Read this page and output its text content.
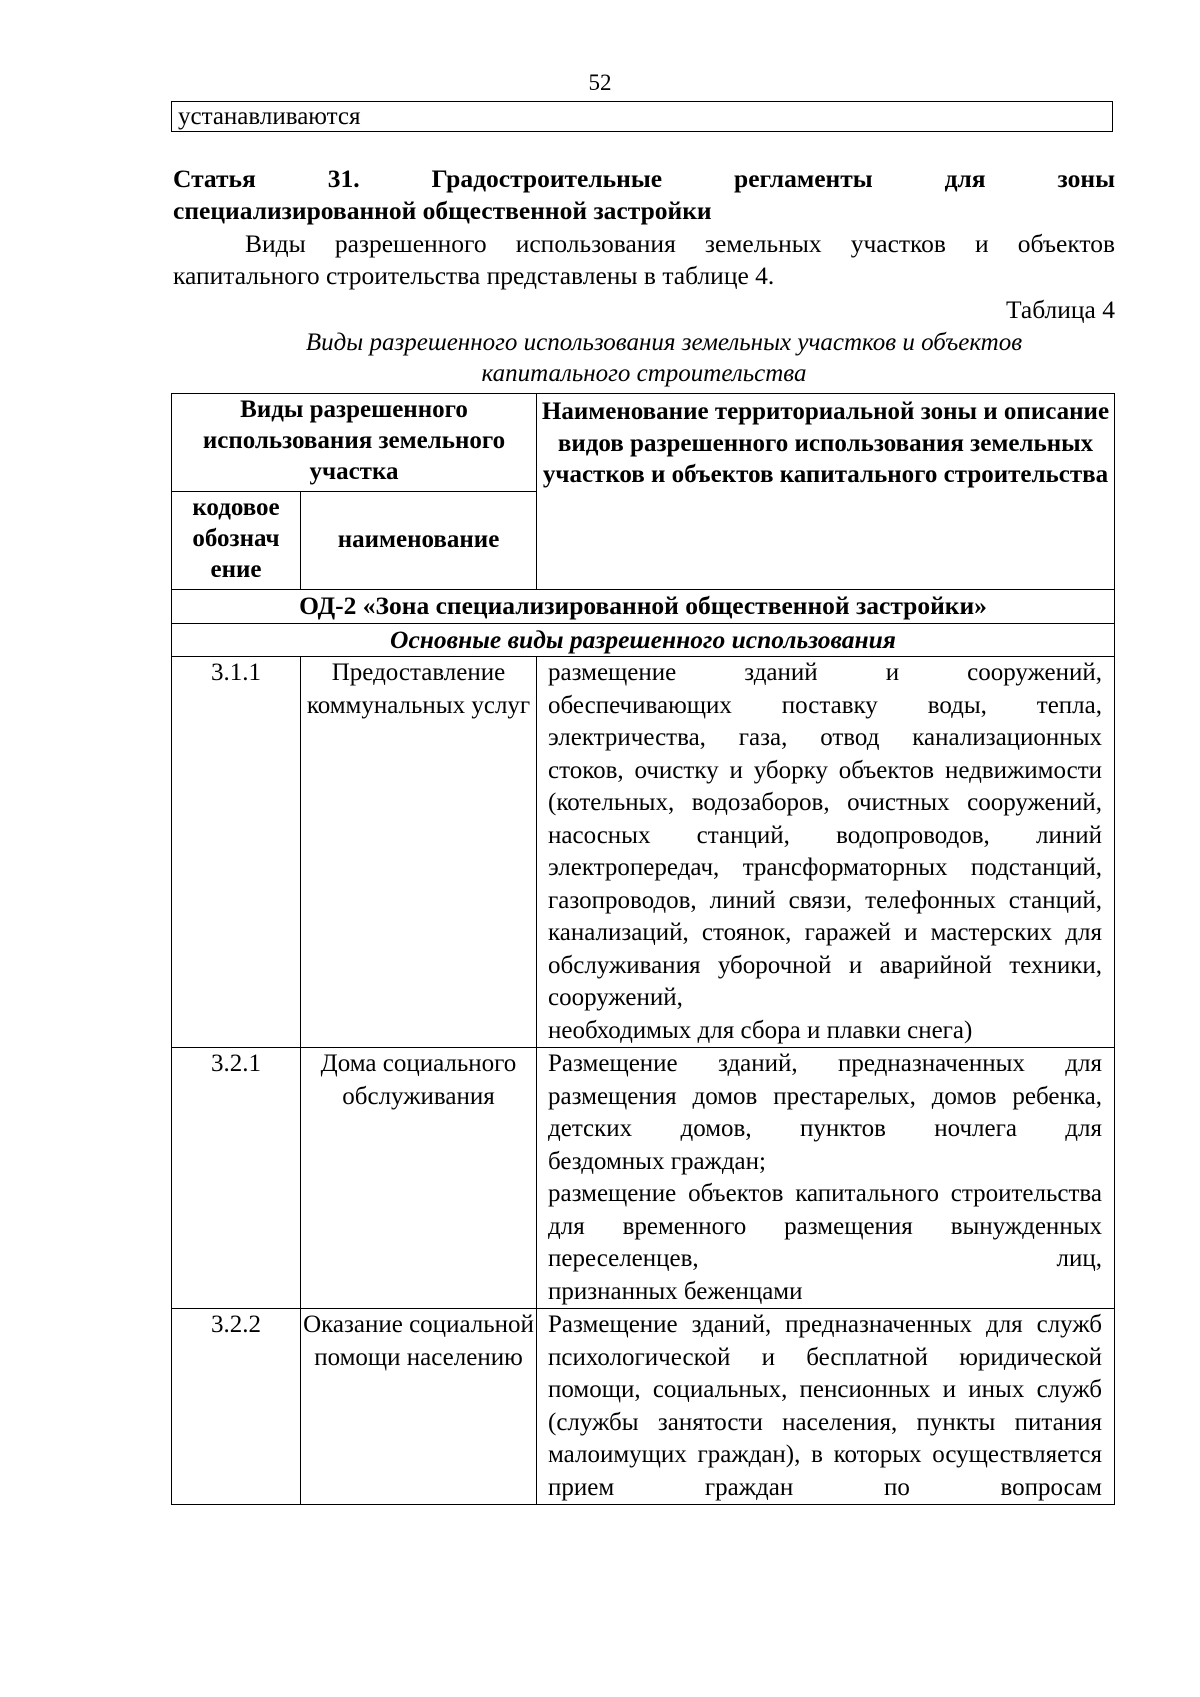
52
устанавливаются
Статья	31.	Градостроительные	регламенты	для	зоны
специализированной общественной застройки
Виды разрешенного использования земельных участков и объектов капитального строительства представлены в таблице 4.
Таблица 4
Виды разрешенного использования земельных участков и объектов
капитального строительства
Виды разрешенного использования земельного участка		Наименование территориальной зоны и описание видов разрешенного использования земельных участков и объектов капитального строительства
кодовое обознач ение	наименование	
ОД-2 «Зона специализированной общественной застройки»		
Основные виды разрешенного использования		
3.1.1	Предоставление коммунальных услуг	размещение зданий и сооружений, обеспечивающих поставку воды, тепла, электричества, газа, отвод канализационных стоков, очистку и уборку объектов недвижимости (котельных, водозаборов, очистных сооружений, насосных станций, водопроводов, линий электропередач, трансформаторных подстанций, газопроводов, линий связи, телефонных станций, канализаций, стоянок, гаражей и мастерских для обслуживания уборочной и аварийной техники, сооружений,
необходимых для сбора и плавки снега)

3.2.1	Дома социального обслуживания	Размещение зданий, предназначенных для размещения домов престарелых, домов ребенка, детских домов, пунктов ночлега для
бездомных граждан;
размещение объектов капитального строительства для временного размещения вынужденных переселенцев, лиц,
признанных беженцами

3.2.2	Оказание социальной помощи населению	Размещение зданий, предназначенных для служб психологической и бесплатной юридической помощи, социальных, пенсионных и иных служб (службы занятости населения, пункты питания малоимущих граждан), в которых осуществляется прием граждан по вопросам
